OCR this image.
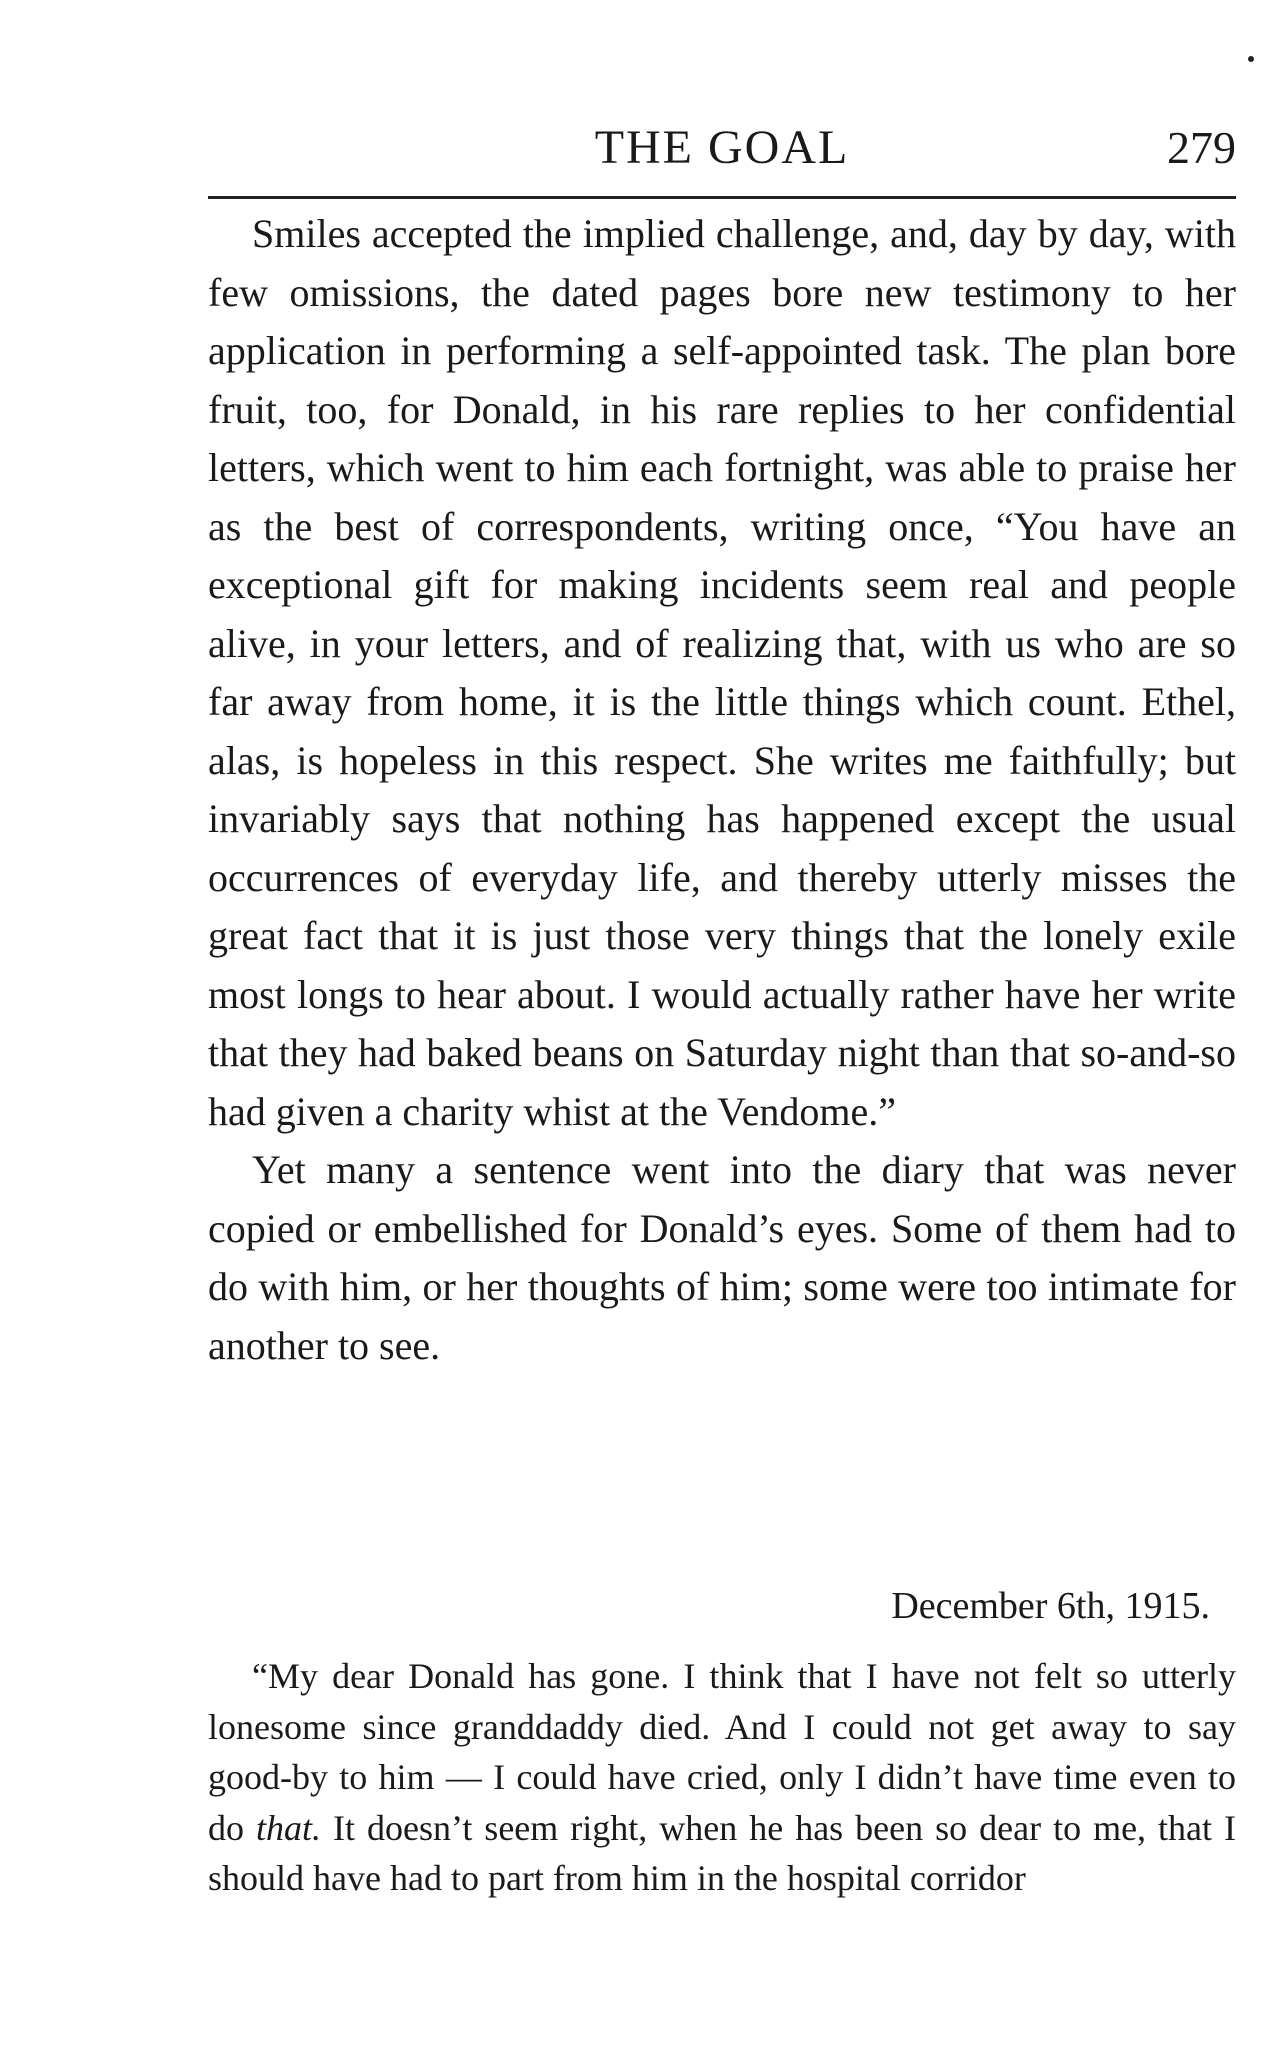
THE GOAL	279

Smiles accepted the implied challenge, and, day by day, with few omissions, the dated pages bore new testimony to her application in performing a self-appointed task. The plan bore fruit, too, for Donald, in his rare replies to her confidential letters, which went to him each fortnight, was able to praise her as the best of correspondents, writing once, “You have an exceptional gift for making incidents seem real and people alive, in your letters, and of realizing that, with us who are so far away from home, it is the little things which count. Ethel, alas, is hopeless in this respect. She writes me faithfully; but invariably says that nothing has happened except the usual occurrences of everyday life, and thereby utterly misses the great fact that it is just those very things that the lonely exile most longs to hear about. I would actually rather have her write that they had baked beans on Saturday night than that so-and-so had given a charity whist at the Vendome.”

Yet many a sentence went into the diary that was never copied or embellished for Donald’s eyes. Some of them had to do with him, or her thoughts of him; some were too intimate for another to see.

December 6th, 1915.

“My dear Donald has gone. I think that I have not felt so utterly lonesome since granddaddy died. And I could not get away to say good-by to him — I could have cried, only I didn’t have time even to do that. It doesn’t seem right, when he has been so dear to me, that I should have had to part from him in the hospital corridor
